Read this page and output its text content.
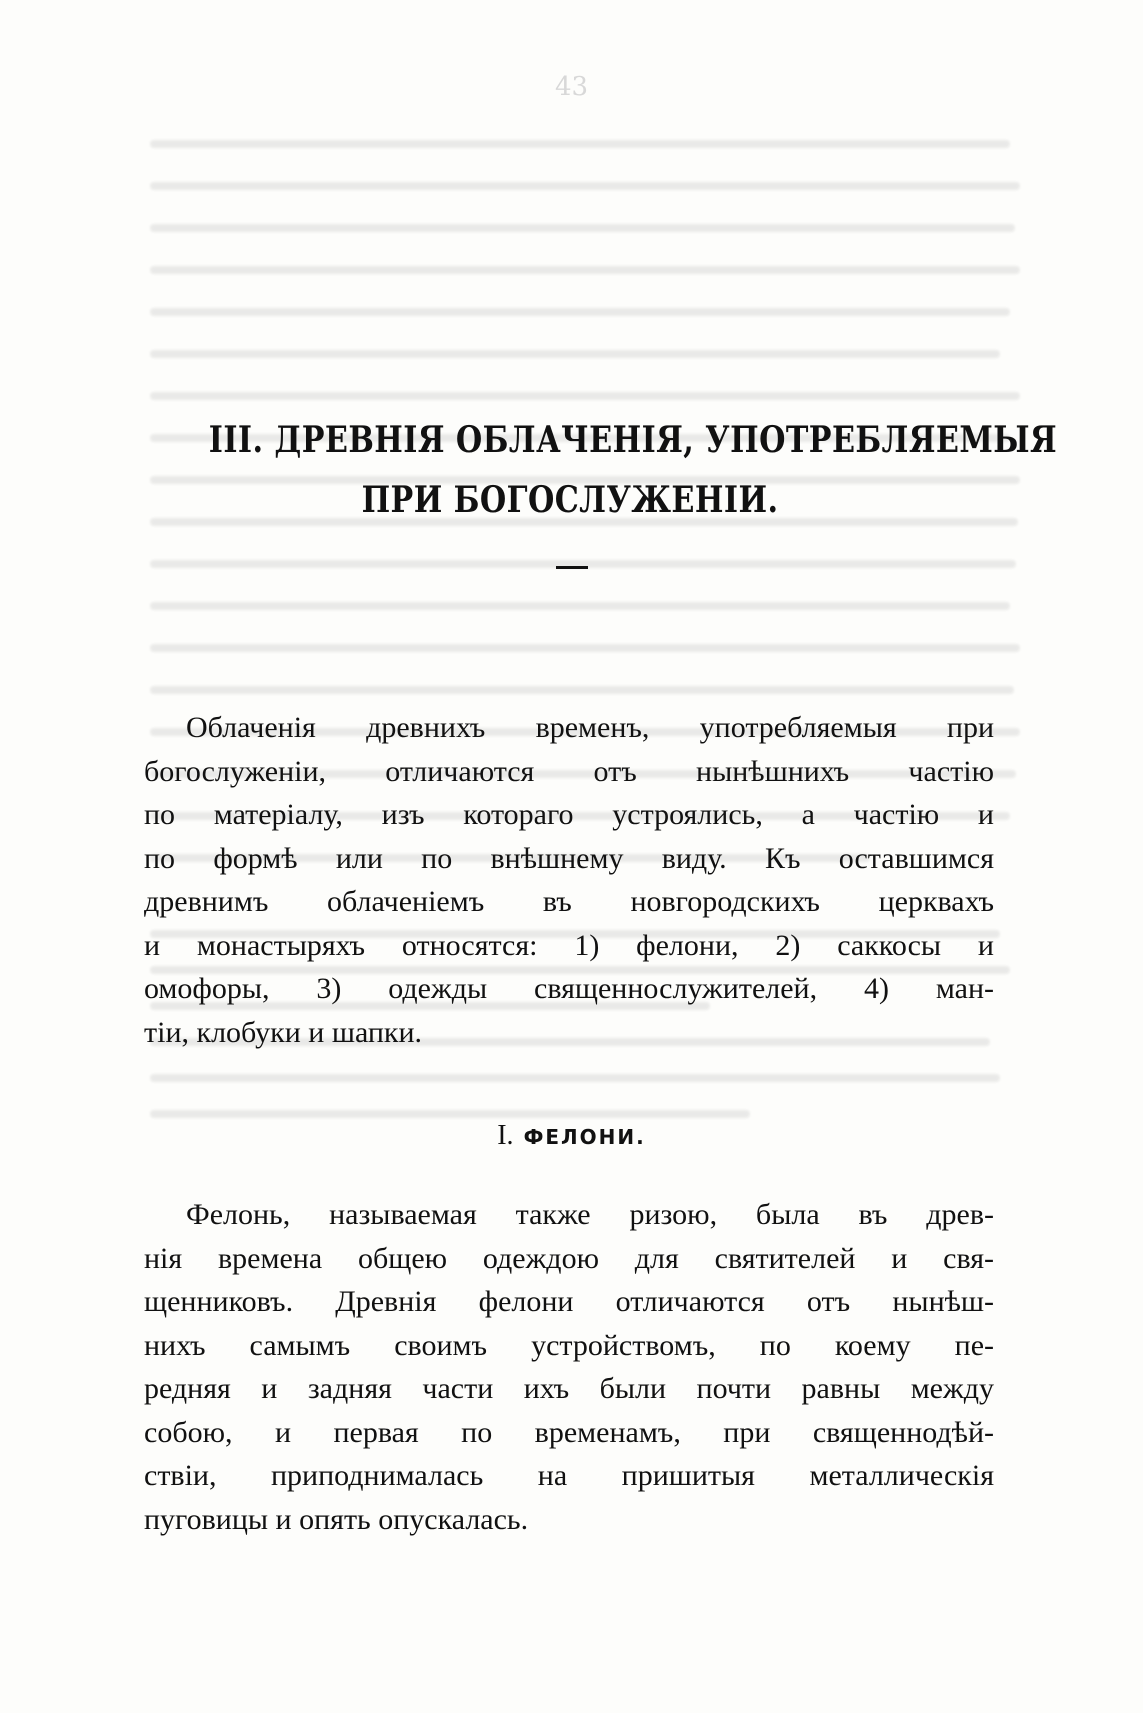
43
III. ДРЕВНIЯ ОБЛАЧЕНIЯ, УПОТРЕБЛЯЕМЫЯ
ПРИ БОГОСЛУЖЕНIИ.
Облаченiя древнихъ временъ, употребляемыя при
богослуженiи, отличаются отъ нынѣшнихъ частiю
по матерiалу, изъ котораго устроялись, а частiю и
по формѣ или по внѣшнему виду. Къ оставшимся
древнимъ облаченiемъ въ новгородскихъ церквахъ
и монастыряхъ относятся: 1) фелони, 2) саккосы и
омофоры, 3) одежды священнослужителей, 4) ман-
тiи, клобуки и шапки.
I. ФЕЛОНИ.
Фелонь, называемая также ризою, была въ древ-
нiя времена общею одеждою для святителей и свя-
щенниковъ. Древнiя фелони отличаются отъ нынѣш-
нихъ самымъ своимъ устройствомъ, по коему пе-
редняя и задняя части ихъ были почти равны между
собою, и первая по временамъ, при священнодѣй-
ствiи, приподнималась на пришитыя металлическiя
пуговицы и опять опускалась.
